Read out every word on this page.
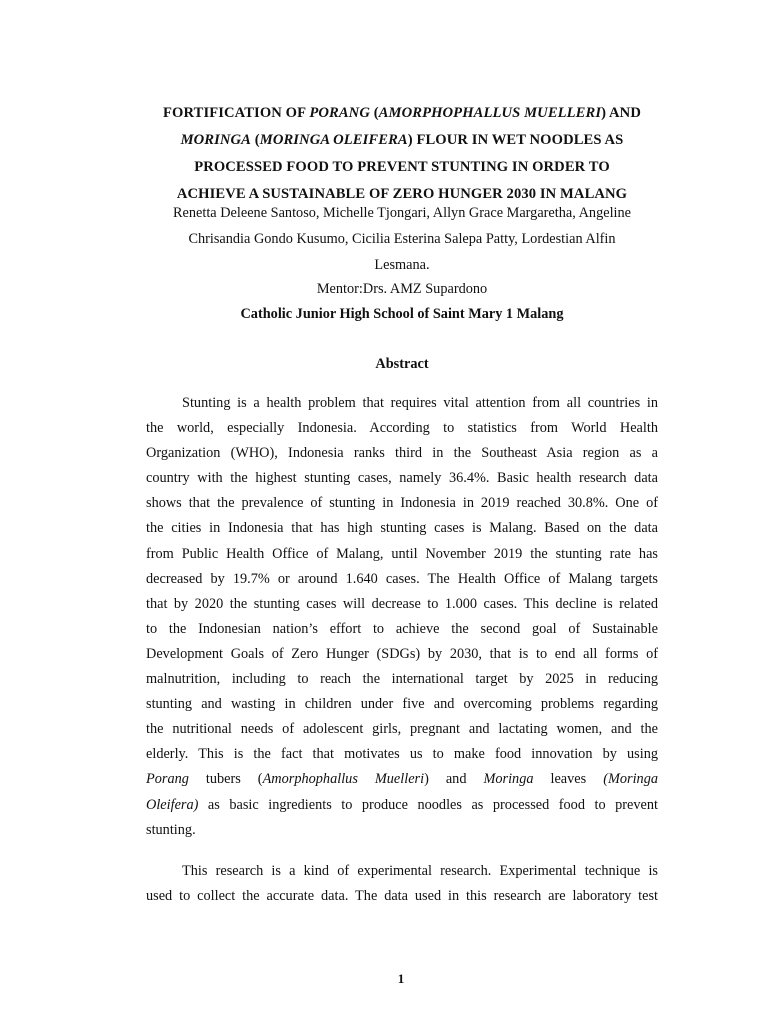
FORTIFICATION OF PORANG (AMORPHOPHALLUS MUELLERI) AND
MORINGA (MORINGA OLEIFERA) FLOUR IN WET NOODLES AS
PROCESSED FOOD TO PREVENT STUNTING IN ORDER TO
ACHIEVE A SUSTAINABLE OF ZERO HUNGER 2030 IN MALANG
Renetta Deleene Santoso, Michelle Tjongari, Allyn Grace Margaretha, Angeline
Chrisandia Gondo Kusumo, Cicilia Esterina Salepa Patty, Lordestian Alfin
Lesmana.
Mentor:Drs. AMZ Supardono
Catholic Junior High School of Saint Mary 1 Malang
Abstract
Stunting is a health problem that requires vital attention from all countries in
the world, especially Indonesia. According to statistics from World Health
Organization (WHO), Indonesia ranks third in the Southeast Asia region as a
country with the highest stunting cases, namely 36.4%. Basic health research data
shows that the prevalence of stunting in Indonesia in 2019 reached 30.8%. One of
the cities in Indonesia that has high stunting cases is Malang. Based on the data
from Public Health Office of Malang, until November 2019 the stunting rate has
decreased by 19.7% or around 1.640 cases. The Health Office of Malang targets
that by 2020 the stunting cases will decrease to 1.000 cases. This decline is related
to the Indonesian nation’s effort to achieve the second goal of Sustainable
Development Goals of Zero Hunger (SDGs) by 2030, that is to end all forms of
malnutrition, including to reach the international target by 2025 in reducing
stunting and wasting in children under five and overcoming problems regarding
the nutritional needs of adolescent girls, pregnant and lactating women, and the
elderly. This is the fact that motivates us to make food innovation by using
Porang tubers (Amorphophallus Muelleri) and Moringa leaves (Moringa
Oleifera) as basic ingredients to produce noodles as processed food to prevent
stunting.
This research is a kind of experimental research. Experimental technique is
used to collect the accurate data. The data used in this research are laboratory test
1
